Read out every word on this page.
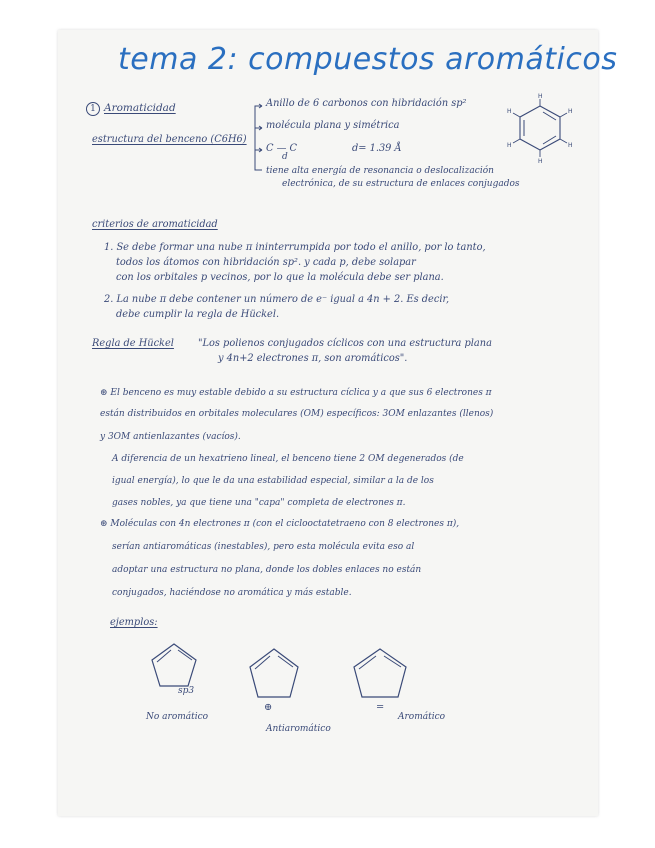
tema 2: compuestos aromáticos
1 Aromaticidad
estructura del benceno (C6H6)
Anillo de 6 carbonos con hibridación sp²
molécula plana y simétrica
C — C
d
d= 1.39 Å
tiene alta energía de resonancia o deslocalización
electrónica, de su estructura de enlaces conjugados
H
H
H
H
H
H
criterios de aromaticidad
1. Se debe formar una nube π ininterrumpida por todo el anillo, por lo tanto,
todos los átomos con hibridación sp². y cada p, debe solapar
con los orbitales p vecinos, por lo que la molécula debe ser plana.
2. La nube π debe contener un número de e⁻ igual a 4n + 2. Es decir,
debe cumplir la regla de Hückel.
Regla de Hückel "Los polienos conjugados cíclicos con una estructura plana
y 4n+2 electrones π, son aromáticos".
⊛ El benceno es muy estable debido a su estructura cíclica y a que sus 6 electrones π
están distribuidos en orbitales moleculares (OM) específicos: 3OM enlazantes (llenos)
y 3OM antienlazantes (vacíos).
A diferencia de un hexatrieno lineal, el benceno tiene 2 OM degenerados (de
igual energía), lo que le da una estabilidad especial, similar a la de los
gases nobles, ya que tiene una "capa" completa de electrones π.
⊛ Moléculas con 4n electrones π (con el ciclooctatetraeno con 8 electrones π),
serían antiaromáticas (inestables), pero esta molécula evita eso al
adoptar una estructura no plana, donde los dobles enlaces no están
conjugados, haciéndose no aromática y más estable.
ejemplos:
sp3
No aromático
⊕
Antiaromático
=
Aromático
